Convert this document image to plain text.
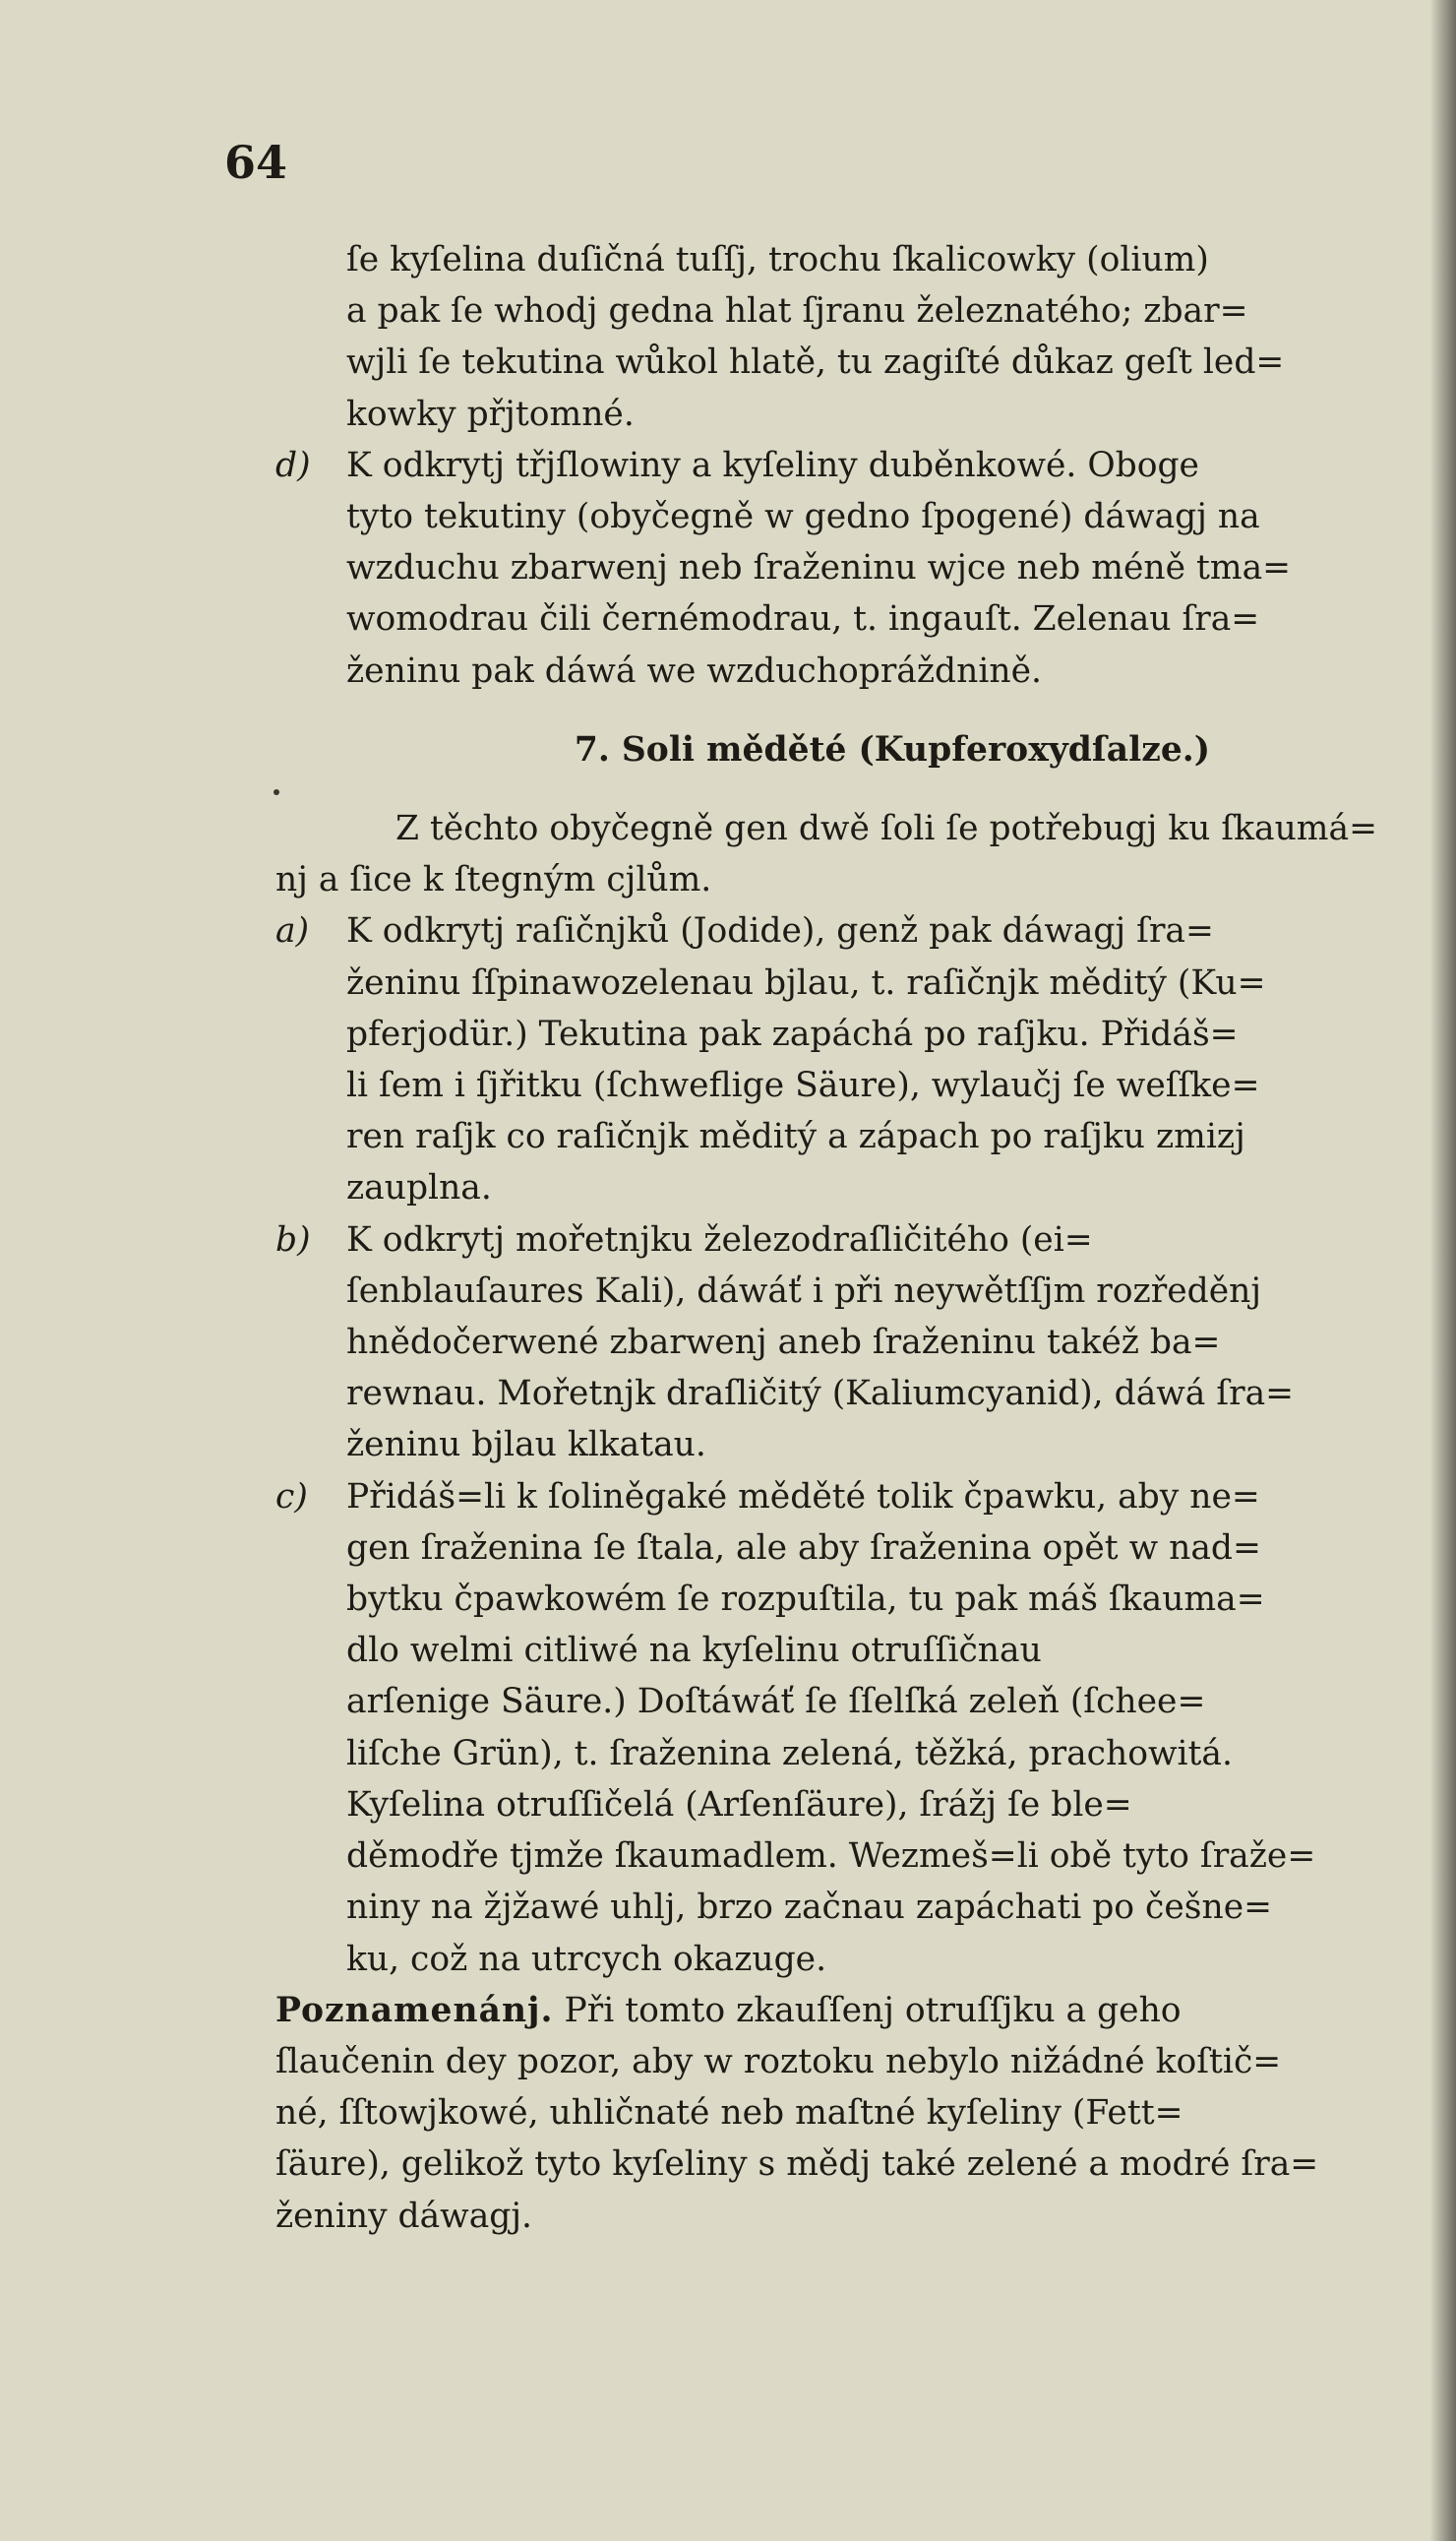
64
ſe kyſelina duſičná tuſſj, trochu ſkalicowky (olium)
a pak ſe whodj gedna hlat ſjranu železnatého; zbar=
wjli ſe tekutina wůkol hlatě, tu zagiſté důkaz geſt led=
kowky přjtomné.
d) K odkrytj třjſlowiny a kyſeliny duběnkowé. Oboge
tyto tekutiny (obyčegně w gedno ſpogené) dáwagj na
wzduchu zbarwenj neb ſraženinu wjce neb méně tma=
womodrau čili černémodrau, t. ingauſt. Zelenau ſra=
ženinu pak dáwá we wzduchopráždnině.
7. Soli měděté (Kupferoxydſalze.)
Z těchto obyčegně gen dwě ſoli ſe potřebugj ku ſkaumá=
nj a ſice k ſtegným cjlům.
a) K odkrytj raſičnjků (Jodide), genž pak dáwagj ſra=
ženinu ſſpinawozelenau bjlau, t. raſičnjk měditý (Ku=
pferjodür.) Tekutina pak zapáchá po raſjku. Přidáš=
li ſem i ſjřitku (ſchweflige Säure), wylaučj ſe weſſke=
ren raſjk co raſičnjk měditý a zápach po raſjku zmizj
zauplna.
b) K odkrytj mořetnjku železodraſličitého (ei=
ſenblauſaures Kali), dáwáť i při neywětſſjm rozředěnj
hnědočerwené zbarwenj aneb ſraženinu takéž ba=
rewnau. Mořetnjk draſličitý (Kaliumcyanid), dáwá ſra=
ženinu bjlau klkatau.
c) Přidáš=li k ſoliněgaké měděté tolik čpawku, aby ne=
gen ſraženina ſe ſtala, ale aby ſraženina opět w nad=
bytku čpawkowém ſe rozpuſtila, tu pak máš ſkauma=
dlo welmi citliwé na kyſelinu otruſſičnau
arſenige Säure.) Doſtáwáť ſe ſſelſká zeleň (ſchee=
liſche Grün), t. ſraženina zelená, těžká, prachowitá.
Kyſelina otruſſičelá (Arſenſäure), ſrážj ſe ble=
děmodře tjmže ſkaumadlem. Wezmeš=li obě tyto ſraže=
niny na žjžawé uhlj, brzo začnau zapáchati po češne=
ku, což na utrcych okazuge.
Poznamenánj. Při tomto zkauſſenj otruſſjku a geho
ſlaučenin dey pozor, aby w roztoku nebylo nižádné koſtič=
né, ſſtowjkowé, uhličnaté neb maſtné kyſeliny (Fett=
ſäure), gelikož tyto kyſeliny s mědj také zelené a modré ſra=
ženiny dáwagj.
